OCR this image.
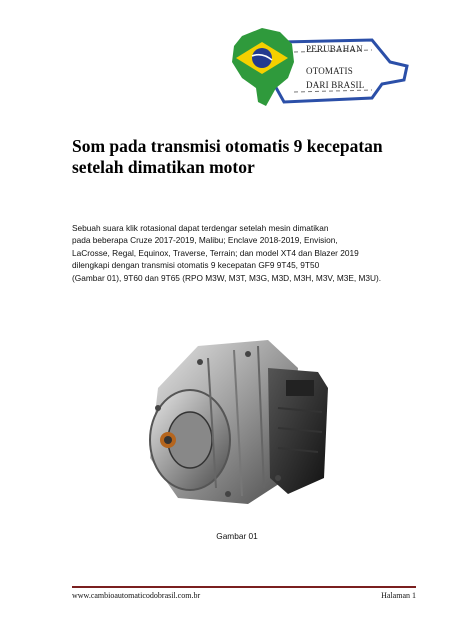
PERUBAHAN
OTOMATIS
DARI BRASIL
Som pada transmisi otomatis 9 kecepatan setelah dimatikan motor

Sebuah suara klik rotasional dapat terdengar setelah mesin dimatikan
pada beberapa Cruze 2017-2019, Malibu; Enclave 2018-2019, Envision,
LaCrosse, Regal, Equinox, Traverse, Terrain; dan model XT4 dan Blazer 2019
dilengkapi dengan transmisi otomatis 9 kecepatan GF9 9T45, 9T50
(Gambar 01), 9T60 dan 9T65 (RPO M3W, M3T, M3G, M3D, M3H, M3V, M3E, M3U).

Gambar 01
www.cambioautomaticodobrasil.com.br	Halaman 1
